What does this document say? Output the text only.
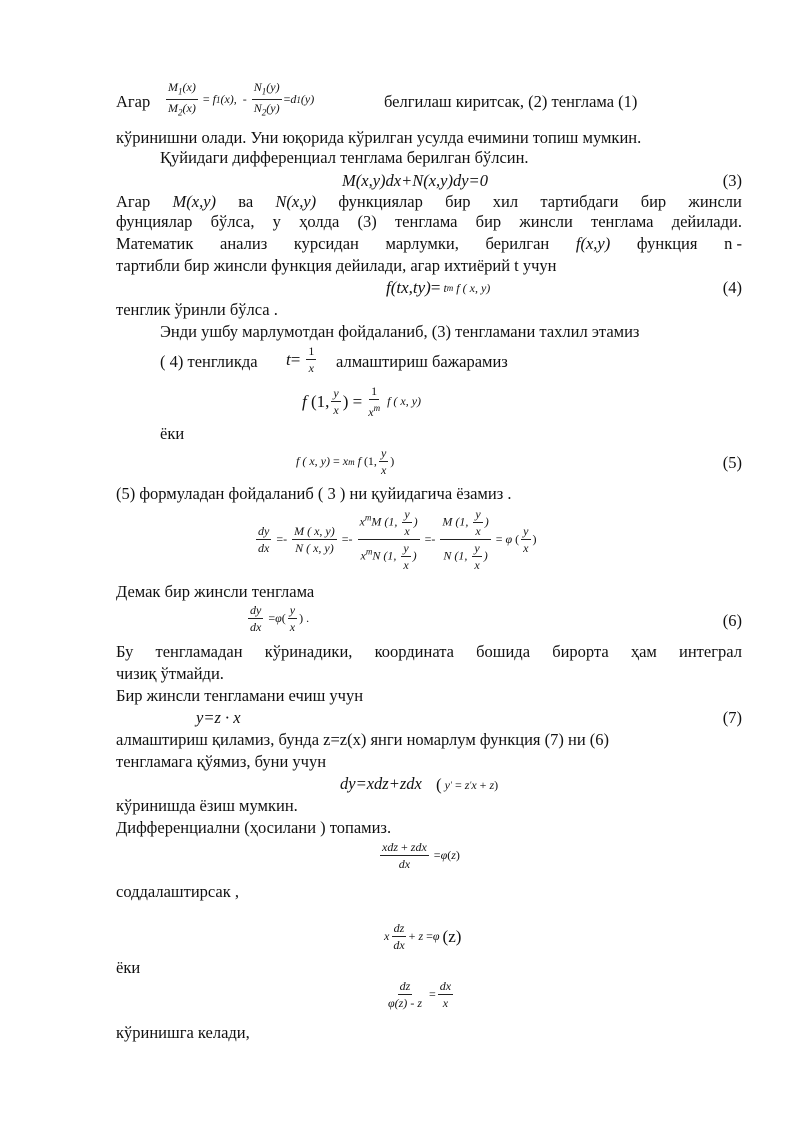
Агар $\frac{M_1(x)}{M_2(x)} = f$ 1 (x), -
$\frac{N_1(y)}{N_2(y)} = d$ 1 (y)	белгилаш киритсак, (2) тенглама (1)
кўринишни олади. Уни юқорида кўрилган усулда ечимини топиш мумкин.
Қуйидаги дифференциал тенглама берилган бўлсин.
M(x,y)dx+N(x,y)dy=0	(3)
Агар M(x,y) ва N(x,y) функциялар бир хил тартибдаги бир жинсли
фунциялар бўлса, у ҳолда (3) тенглама бир жинсли тенглама дейилади.
Математик анализ курсидан марлумки, берилган f(x,y) функция n -
тартибли бир жинсли функция дейилади, агар ихтиёрий t учун
f(tx,ty) = t m f ( x, y)	(4)
тенглик ўринли бўлса .
Энди ушбу марлумотдан фойдаланиб, (3) тенгламани тахлил этамиз
( 4) тенгликда $t = \frac{1}{x}$ алмаштириш бажарамиз
f (1, $\frac{y}{x}$ ) = $\frac{1}{x^m}$ f ( x, y)
ёки
f ( x, y) = x m f (1, $\frac{y}{x}$ )	(5)
(5) формуладан фойдаланиб ( 3 ) ни қуйидагича ёзамиз .
$\frac{dy}{dx} =- \frac{M ( x, y)}{N ( x, y)} =- \frac{x^mM (1, \frac{y}{x} )}{x^mN (1, \frac{y}{x} )} =- \frac{M (1, \frac{y}{x} )}{N (1, \frac{y}{x} )} = \varphi$ ( $\frac{y}{x}$ )
Демак бир жинсли тенглама
$\frac{dy}{dx} = \varphi$ ( $\frac{y}{x}$ ) .	(6)
Бу тенгламадан кўринадики, координата бошида бирорта ҳам интеграл
чизиқ ўтмайди.
Бир жинсли тенгламани ечиш учун
y=z · x	(7)
алмаштириш қиламиз, бунда z=z(x) янги номарлум функция (7) ни (6)
тенгламага қўямиз, буни учун
dy=xdz+zdx ( y '
= z ' x + z )
кўринишда ёзиш мумкин.
Дифференциални (ҳосилани ) топамиз.
$\frac{\text{xdz + zdx}}{dx} = \varphi$ ( z )
соддалаштирсак ,
x $\frac{dz}{dx} + z = \varphi$ (z)
ёки
$\frac{dz}{\varphi(z) - z} = \frac{dx}{x}$
кўринишга келади,
